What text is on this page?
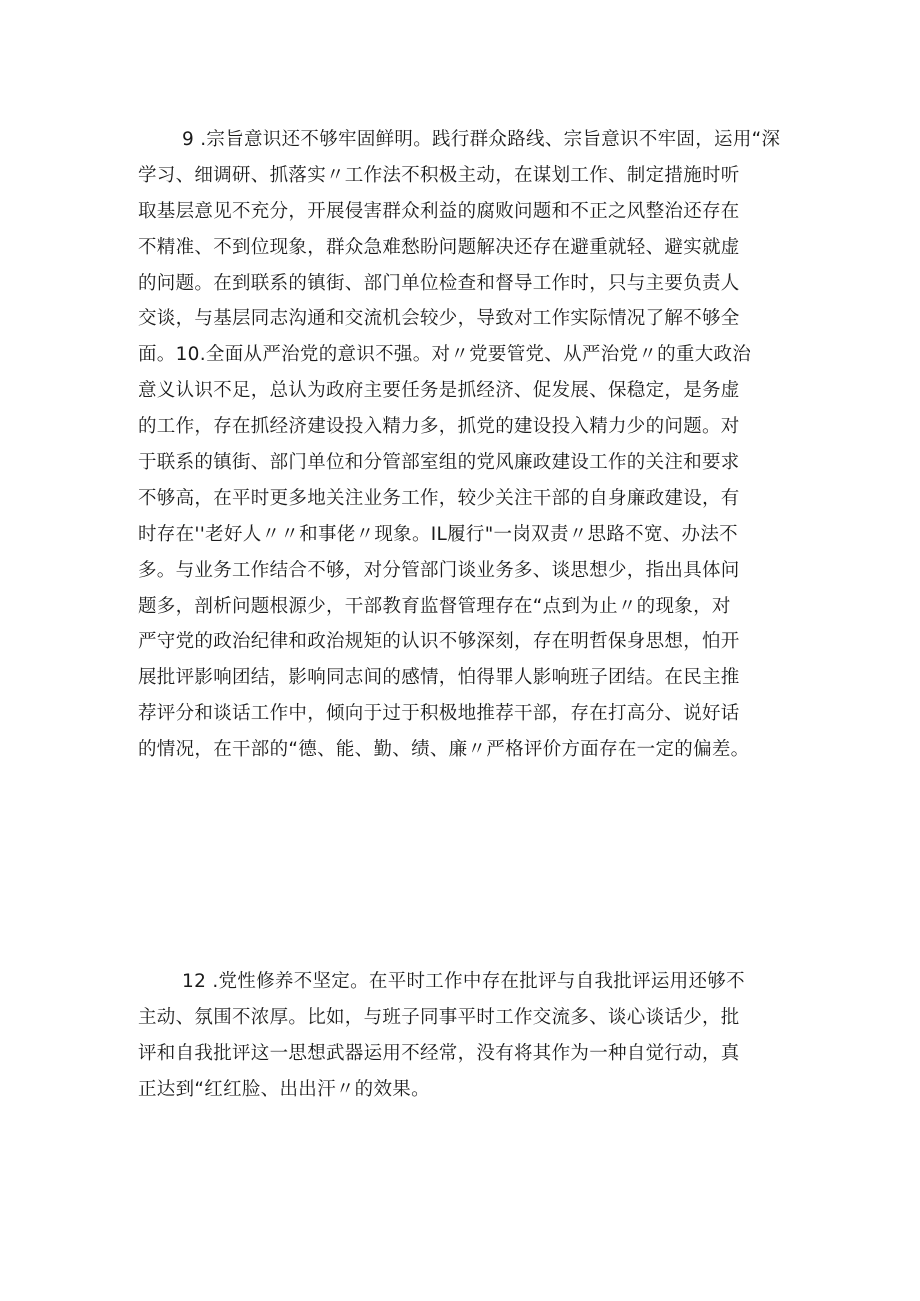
9 .宗旨意识还不够牢固鲜明。践行群众路线、宗旨意识不牢固，运用“深
学习、细调研、抓落实〃工作法不积极主动，在谋划工作、制定措施时听
取基层意见不充分，开展侵害群众利益的腐败问题和不正之风整治还存在
不精准、不到位现象，群众急难愁盼问题解决还存在避重就轻、避实就虚
的问题。在到联系的镇街、部门单位检查和督导工作时，只与主要负责人
交谈，与基层同志沟通和交流机会较少，导致对工作实际情况了解不够全
面。10.全面从严治党的意识不强。对〃党要管党、从严治党〃的重大政治
意义认识不足，总认为政府主要任务是抓经济、促发展、保稳定，是务虚
的工作，存在抓经济建设投入精力多，抓党的建设投入精力少的问题。对
于联系的镇街、部门单位和分管部室组的党风廉政建设工作的关注和要求
不够高，在平时更多地关注业务工作，较少关注干部的自身廉政建设，有
时存在''老好人〃〃和事佬〃现象。IL履行"一岗双责〃思路不宽、办法不
多。与业务工作结合不够，对分管部门谈业务多、谈思想少，指出具体问
题多，剖析问题根源少，干部教育监督管理存在“点到为止〃的现象，对
严守党的政治纪律和政治规矩的认识不够深刻，存在明哲保身思想，怕开
展批评影响团结，影响同志间的感情，怕得罪人影响班子团结。在民主推
荐评分和谈话工作中，倾向于过于积极地推荐干部，存在打高分、说好话
的情况，在干部的“德、能、勤、绩、廉〃严格评价方面存在一定的偏差。
12 .党性修养不坚定。在平时工作中存在批评与自我批评运用还够不
主动、氛围不浓厚。比如，与班子同事平时工作交流多、谈心谈话少，批
评和自我批评这一思想武器运用不经常，没有将其作为一种自觉行动，真
正达到“红红脸、出出汗〃的效果。
